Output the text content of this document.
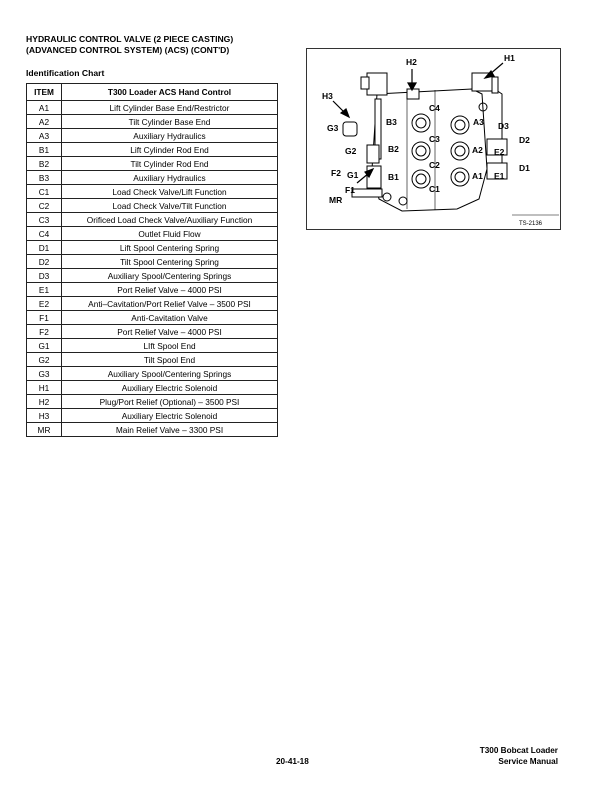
HYDRAULIC CONTROL VALVE (2 PIECE CASTING)
(ADVANCED CONTROL SYSTEM) (ACS) (CONT'D)
Identification Chart
ITEM	T300 Loader ACS Hand Control
A1	Lift Cylinder Base End/Restrictor
A2	Tilt Cylinder Base End
A3	Auxiliary Hydraulics
B1	Lift Cylinder Rod End
B2	Tilt Cylinder Rod End
B3	Auxiliary Hydraulics
C1	Load Check Valve/Lift Function
C2	Load Check Valve/Tilt Function
C3	Orificed Load Check Valve/Auxiliary Function
C4	Outlet Fluid Flow
D1	Lift Spool Centering Spring
D2	Tilt Spool Centering Spring
D3	Auxiliary Spool/Centering Springs
E1	Port Relief Valve – 4000 PSI
E2	Anti–Cavitation/Port Relief Valve – 3500 PSI
F1	Anti-Cavitation Valve
F2	Port Relief Valve – 4000 PSI
G1	LIft Spool End
G2	Tilt Spool End
G3	Auxiliary Spool/Centering Springs
H1	Auxiliary Electric Solenoid
H2	Plug/Port Relief (Optional) – 3500 PSI
H3	Auxiliary Electric Solenoid
MR	Main Relief Valve – 3300 PSI
H2	H1
H3
G3
G2
F2 G1
F1
MR
C4
B3	A3 D3
C3	D2
B2	A2 E2
C2	D1
B1	A1 E1
C1
TS-2136
20-41-18
T300 Bobcat Loader
Service Manual
